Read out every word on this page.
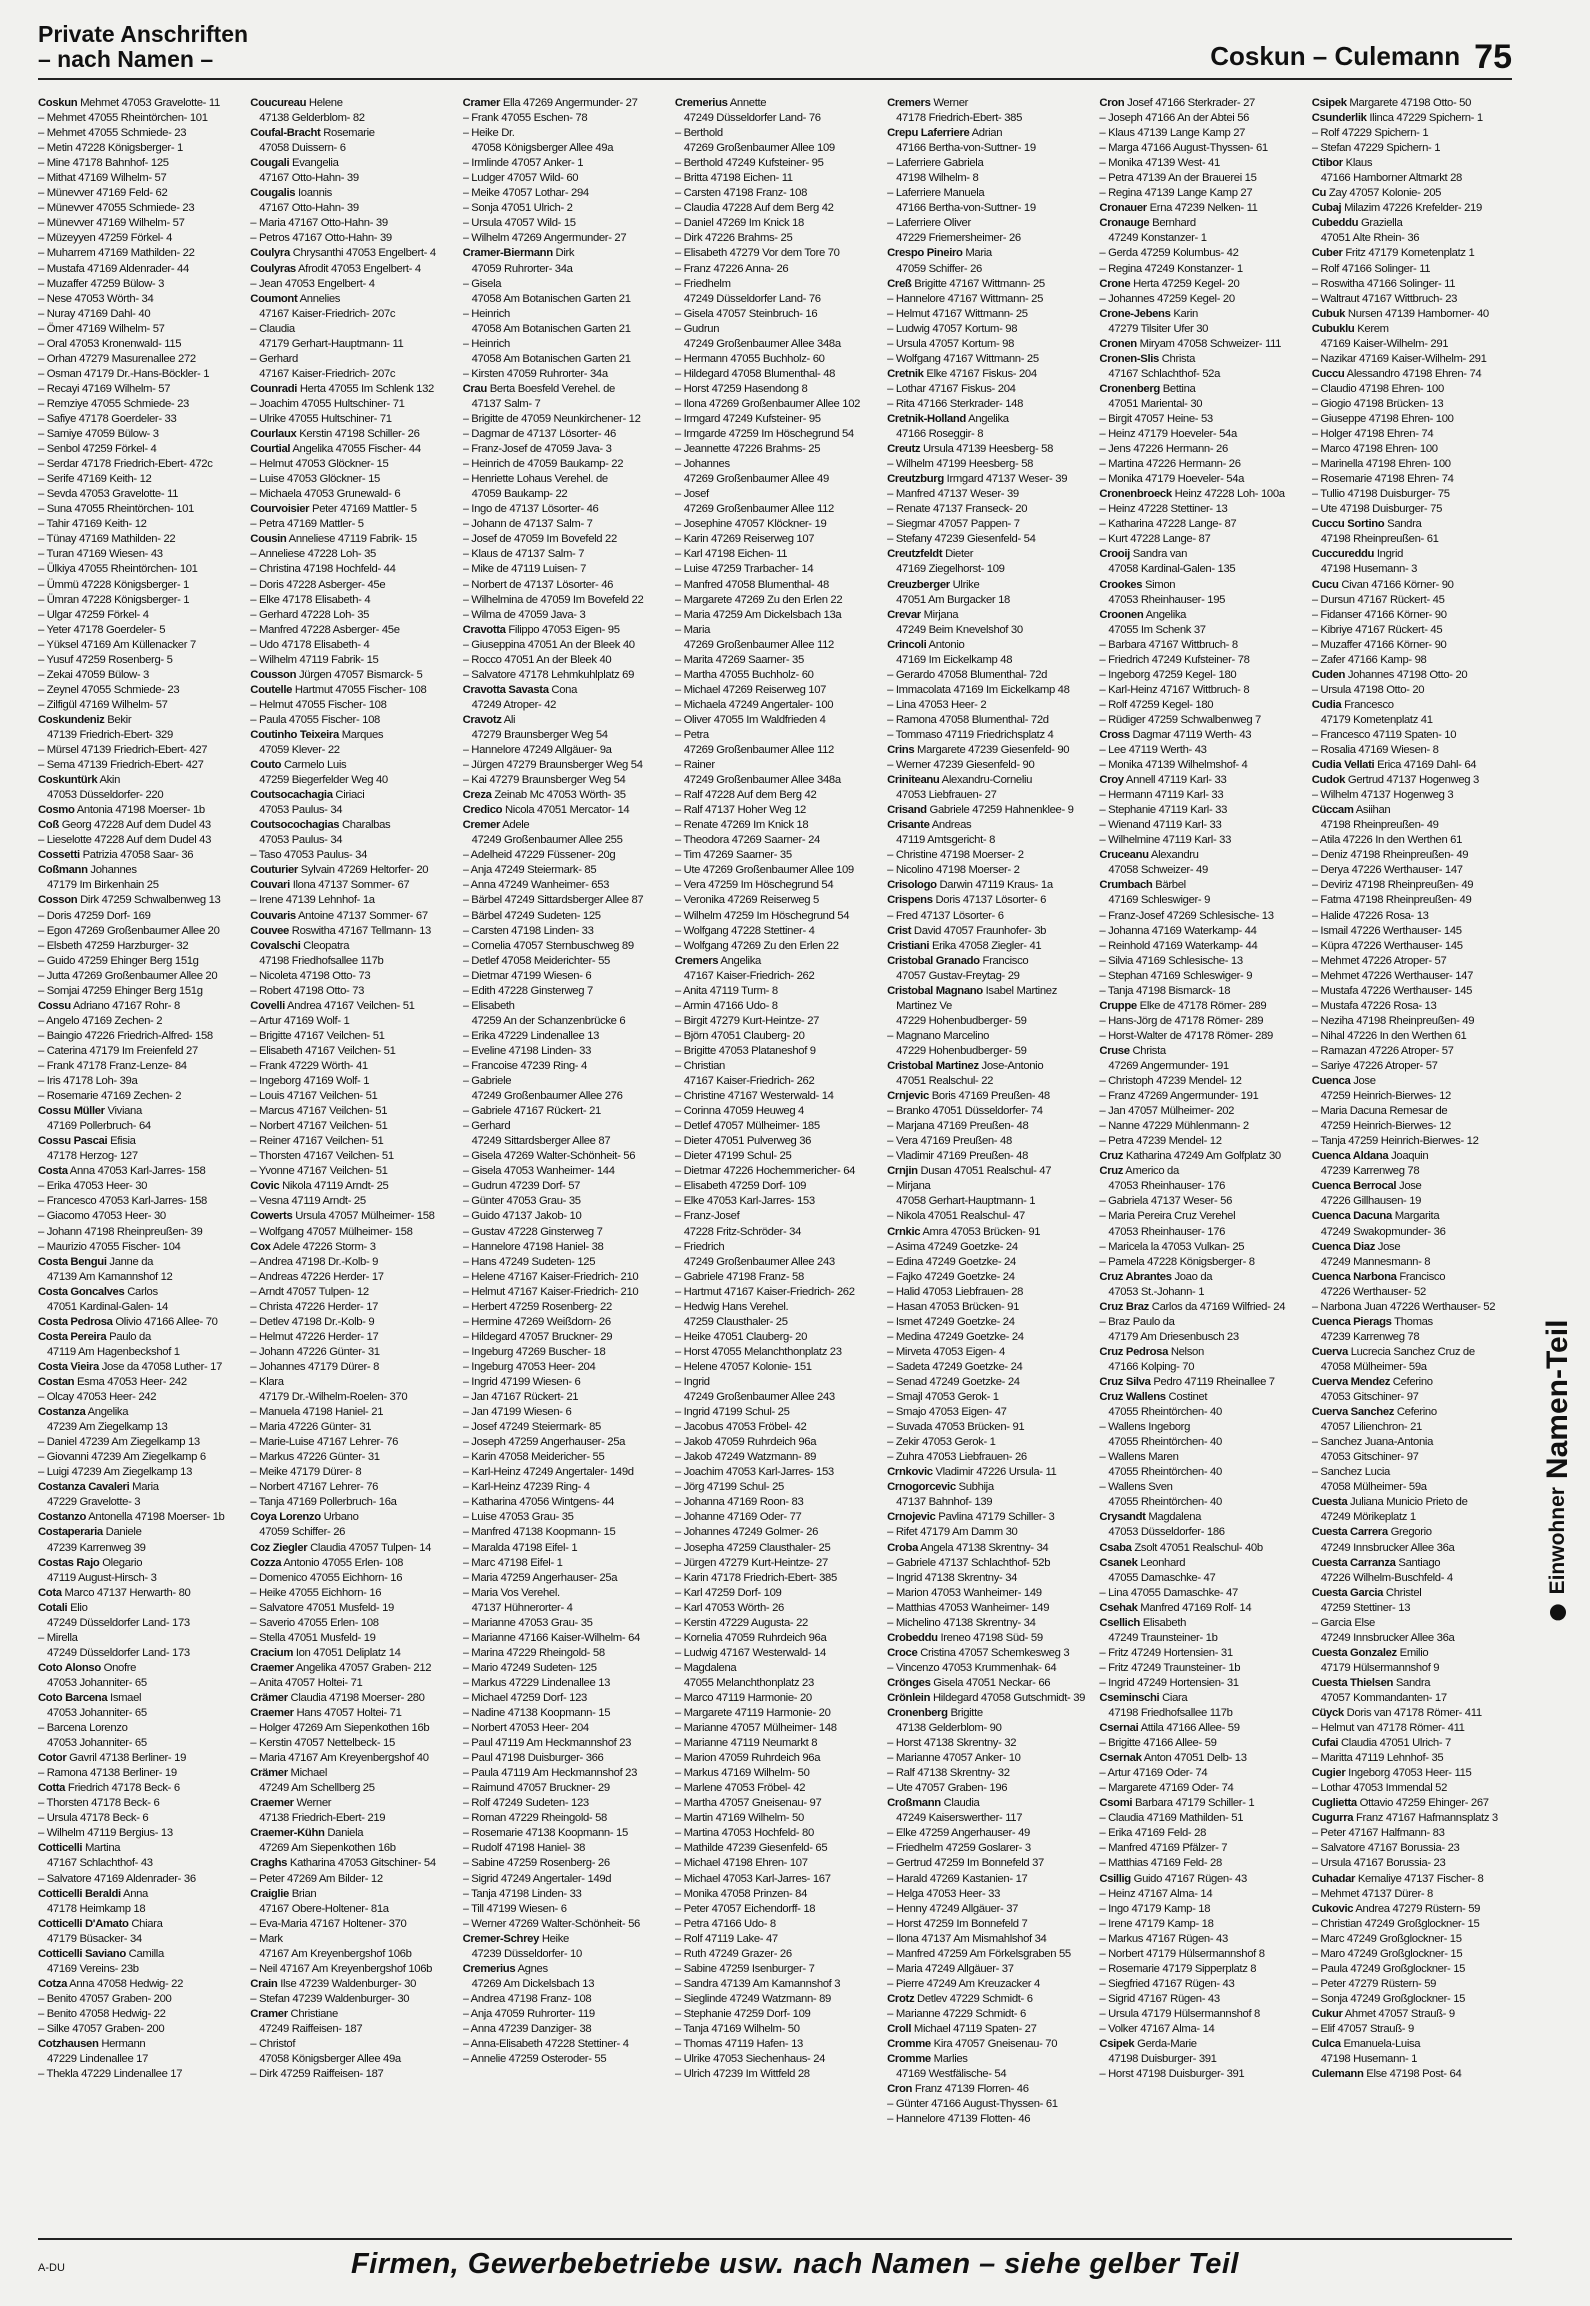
Private Anschriften
– nach Namen –	Coskun – Culemann 75
Coskun Mehmet 47053 Gravelotte- 11
– Mehmet 47055 Rheintörchen- 101
– Mehmet 47055 Schmiede- 23
– Metin 47228 Königsberger- 1
– Mine 47178 Bahnhof- 125
– Mithat 47169 Wilhelm- 57
– Münevver 47169 Feld- 62
– Münevver 47055 Schmiede- 23
– Münevver 47169 Wilhelm- 57
– Müzeyyen 47259 Förkel- 4
– Muharrem 47169 Mathilden- 22
– Mustafa 47169 Aldenrader- 44
– Muzaffer 47259 Bülow- 3
– Nese 47053 Wörth- 34
– Nuray 47169 Dahl- 40
– Ömer 47169 Wilhelm- 57
– Oral 47053 Kronenwald- 115
– Orhan 47279 Masurenallee 272
– Osman 47179 Dr.-Hans-Böckler- 1
– Recayi 47169 Wilhelm- 57
– Remziye 47055 Schmiede- 23
– Safiye 47178 Goerdeler- 33
– Samiye 47059 Bülow- 3
– Senbol 47259 Förkel- 4
– Serdar 47178 Friedrich-Ebert- 472c
– Serife 47169 Keith- 12
– Sevda 47053 Gravelotte- 11
– Suna 47055 Rheintörchen- 101
– Tahir 47169 Keith- 12
– Tünay 47169 Mathilden- 22
– Turan 47169 Wiesen- 43
– Ülkiya 47055 Rheintörchen- 101
– Ümmü 47228 Königsberger- 1
– Ümran 47228 Königsberger- 1
– Ulgar 47259 Förkel- 4
– Yeter 47178 Goerdeler- 5
– Yüksel 47169 Am Küllenacker 7
– Yusuf 47259 Rosenberg- 5
– Zekai 47059 Bülow- 3
– Zeynel 47055 Schmiede- 23
– Zilfigül 47169 Wilhelm- 57
Coskundeniz Bekir
47139 Friedrich-Ebert- 329
– Mürsel 47139 Friedrich-Ebert- 427
– Sema 47139 Friedrich-Ebert- 427
Coskuntürk Akin
47053 Düsseldorfer- 220
Cosmo Antonia 47198 Moerser- 1b
Coß Georg 47228 Auf dem Dudel 43
– Lieselotte 47228 Auf dem Dudel 43
Cossetti Patrizia 47058 Saar- 36
Coßmann Johannes
47179 Im Birkenhain 25
Cosson Dirk 47259 Schwalbenweg 13
– Doris 47259 Dorf- 169
– Egon 47269 Großenbaumer Allee 20
– Elsbeth 47259 Harzburger- 32
– Guido 47259 Ehinger Berg 151g
– Jutta 47269 Großenbaumer Allee 20
– Somjai 47259 Ehinger Berg 151g
Cossu Adriano 47167 Rohr- 8
– Angelo 47169 Zechen- 2
– Baingio 47226 Friedrich-Alfred- 158
– Caterina 47179 Im Freienfeld 27
– Frank 47178 Franz-Lenze- 84
– Iris 47178 Loh- 39a
– Rosemarie 47169 Zechen- 2
Cossu Müller Viviana
47169 Pollerbruch- 64
Cossu Pascai Efisia
47178 Herzog- 127
Costa Anna 47053 Karl-Jarres- 158
– Erika 47053 Heer- 30
– Francesco 47053 Karl-Jarres- 158
– Giacomo 47053 Heer- 30
– Johann 47198 Rheinpreußen- 39
– Maurizio 47055 Fischer- 104
Costa Bengui Janne da
47139 Am Kamannshof 12
Costa Goncalves Carlos
47051 Kardinal-Galen- 14
Costa Pedrosa Olivio 47166 Allee- 70
Costa Pereira Paulo da
47119 Am Hagenbeckshof 1
Costa Vieira Jose da 47058 Luther- 17
Costan Esma 47053 Heer- 242
– Olcay 47053 Heer- 242
Costanza Angelika
47239 Am Ziegelkamp 13
– Daniel 47239 Am Ziegelkamp 13
– Giovanni 47239 Am Ziegelkamp 6
– Luigi 47239 Am Ziegelkamp 13
Costanza Cavaleri Maria
47229 Gravelotte- 3
Costanzo Antonella 47198 Moerser- 1b
Costaperaria Daniele
47239 Karrenweg 39
Costas Rajo Olegario
47119 August-Hirsch- 3
Cota Marco 47137 Herwarth- 80
Cotali Elio
47249 Düsseldorfer Land- 173
– Mirella
47249 Düsseldorfer Land- 173
Coto Alonso Onofre
47053 Johanniter- 65
Coto Barcena Ismael
47053 Johanniter- 65
– Barcena Lorenzo
47053 Johanniter- 65
Cotor Gavril 47138 Berliner- 19
– Ramona 47138 Berliner- 19
Cotta Friedrich 47178 Beck- 6
– Thorsten 47178 Beck- 6
– Ursula 47178 Beck- 6
– Wilhelm 47119 Bergius- 13
Cotticelli Martina
47167 Schlachthof- 43
– Salvatore 47169 Aldenrader- 36
Cotticelli Beraldi Anna
47178 Heimkamp 18
Cotticelli D'Amato Chiara
47179 Büsacker- 34
Cotticelli Saviano Camilla
47169 Vereins- 23b
Cotza Anna 47058 Hedwig- 22
– Benito 47057 Graben- 200
– Benito 47058 Hedwig- 22
– Silke 47057 Graben- 200
Cotzhausen Hermann
47229 Lindenallee 17
– Thekla 47229 Lindenallee 17
Coucureau Helene
47138 Gelderblom- 82
Coufal-Bracht Rosemarie
47058 Duissern- 6
Cougali Evangelia
47167 Otto-Hahn- 39
Cougalis Ioannis
47167 Otto-Hahn- 39
– Maria 47167 Otto-Hahn- 39
– Petros 47167 Otto-Hahn- 39
Coulyra Chrysanthi 47053 Engelbert- 4
Coulyras Afrodit 47053 Engelbert- 4
– Jean 47053 Engelbert- 4
Coumont Annelies
47167 Kaiser-Friedrich- 207c
– Claudia
47179 Gerhart-Hauptmann- 11
– Gerhard
47167 Kaiser-Friedrich- 207c
Counradi Herta 47055 Im Schlenk 132
– Joachim 47055 Hultschiner- 71
– Ulrike 47055 Hultschiner- 71
Courlaux Kerstin 47198 Schiller- 26
Courtial Angelika 47055 Fischer- 44
– Helmut 47053 Glöckner- 15
– Luise 47053 Glöckner- 15
– Michaela 47053 Grunewald- 6
Courvoisier Peter 47169 Mattler- 5
– Petra 47169 Mattler- 5
Cousin Anneliese 47119 Fabrik- 15
– Anneliese 47228 Loh- 35
– Christina 47198 Hochfeld- 44
– Doris 47228 Asberger- 45e
– Elke 47178 Elisabeth- 4
– Gerhard 47228 Loh- 35
– Manfred 47228 Asberger- 45e
– Udo 47178 Elisabeth- 4
– Wilhelm 47119 Fabrik- 15
Cousson Jürgen 47057 Bismarck- 5
Coutelle Hartmut 47055 Fischer- 108
– Helmut 47055 Fischer- 108
– Paula 47055 Fischer- 108
Coutinho Teixeira Marques
47059 Klever- 22
Couto Carmelo Luis
47259 Biegerfelder Weg 40
Coutsocachagia Ciriaci
47053 Paulus- 34
Coutsocochagias Charalbas
47053 Paulus- 34
– Taso 47053 Paulus- 34
Couturier Sylvain 47269 Heltorfer- 20
Couvari Ilona 47137 Sommer- 67
– Irene 47139 Lehnhof- 1a
Couvaris Antoine 47137 Sommer- 67
Couvee Roswitha 47167 Tellmann- 13
Covalschi Cleopatra
47198 Friedhofsallee 117b
– Nicoleta 47198 Otto- 73
– Robert 47198 Otto- 73
Covelli Andrea 47167 Veilchen- 51
– Artur 47169 Wolf- 1
– Brigitte 47167 Veilchen- 51
– Elisabeth 47167 Veilchen- 51
– Frank 47229 Wörth- 41
– Ingeborg 47169 Wolf- 1
– Louis 47167 Veilchen- 51
– Marcus 47167 Veilchen- 51
– Norbert 47167 Veilchen- 51
– Reiner 47167 Veilchen- 51
– Thorsten 47167 Veilchen- 51
– Yvonne 47167 Veilchen- 51
Covic Nikola 47119 Arndt- 25
– Vesna 47119 Arndt- 25
Cowerts Ursula 47057 Mülheimer- 158
– Wolfgang 47057 Mülheimer- 158
Cox Adele 47226 Storm- 3
– Andrea 47198 Dr.-Kolb- 9
– Andreas 47226 Herder- 17
– Arndt 47057 Tulpen- 12
– Christa 47226 Herder- 17
– Detlev 47198 Dr.-Kolb- 9
– Helmut 47226 Herder- 17
– Johann 47226 Günter- 31
– Johannes 47179 Dürer- 8
– Klara
47179 Dr.-Wilhelm-Roelen- 370
– Manuela 47198 Haniel- 21
– Maria 47226 Günter- 31
– Marie-Luise 47167 Lehrer- 76
– Markus 47226 Günter- 31
– Meike 47179 Dürer- 8
– Norbert 47167 Lehrer- 76
– Tanja 47169 Pollerbruch- 16a
Coya Lorenzo Urbano
47059 Schiffer- 26
Coz Ziegler Claudia 47057 Tulpen- 14
Cozza Antonio 47055 Erlen- 108
– Domenico 47055 Eichhorn- 16
– Heike 47055 Eichhorn- 16
– Salvatore 47051 Musfeld- 19
– Saverio 47055 Erlen- 108
– Stella 47051 Musfeld- 19
Cracium Ion 47051 Deliplatz 14
Craemer Angelika 47057 Graben- 212
– Anita 47057 Holtei- 71
Crämer Claudia 47198 Moerser- 280
Craemer Hans 47057 Holtei- 71
– Holger 47269 Am Siepenkothen 16b
– Kerstin 47057 Nettelbeck- 15
– Maria 47167 Am Kreyenbergshof 40
Crämer Michael
47249 Am Schellberg 25
Craemer Werner
47138 Friedrich-Ebert- 219
Craemer-Kühn Daniela
47269 Am Siepenkothen 16b
Craghs Katharina 47053 Gitschiner- 54
– Peter 47269 Am Bilder- 12
Craiglie Brian
47167 Obere-Holtener- 81a
– Eva-Maria 47167 Holtener- 370
– Mark
47167 Am Kreyenbergshof 106b
– Neil 47167 Am Kreyenbergshof 106b
Crain Ilse 47239 Waldenburger- 30
– Stefan 47239 Waldenburger- 30
Cramer Christiane
47249 Raiffeisen- 187
– Christof
47058 Königsberger Allee 49a
– Dirk 47259 Raiffeisen- 187
Cramer Ella 47269 Angermunder- 27
– Frank 47055 Eschen- 78
– Heike Dr.
47058 Königsberger Allee 49a
– Irmlinde 47057 Anker- 1
– Ludger 47057 Wild- 60
– Meike 47057 Lothar- 294
– Sonja 47051 Ulrich- 2
– Ursula 47057 Wild- 15
– Wilhelm 47269 Angermunder- 27
Cramer-Biermann Dirk
47059 Ruhrorter- 34a
– Gisela
47058 Am Botanischen Garten 21
– Heinrich
47058 Am Botanischen Garten 21
– Heinrich
47058 Am Botanischen Garten 21
– Kirsten 47059 Ruhrorter- 34a
Crau Berta Boesfeld Verehel. de
47137 Salm- 7
– Brigitte de 47059 Neunkirchener- 12
– Dagmar de 47137 Lösorter- 46
– Franz-Josef de 47059 Java- 3
– Heinrich de 47059 Baukamp- 22
– Henriette Lohaus Verehel. de
47059 Baukamp- 22
– Ingo de 47137 Lösorter- 46
– Johann de 47137 Salm- 7
– Josef de 47059 Im Bovefeld 22
– Klaus de 47137 Salm- 7
– Mike de 47119 Luisen- 7
– Norbert de 47137 Lösorter- 46
– Wilhelmina de 47059 Im Bovefeld 22
– Wilma de 47059 Java- 3
Cravotta Filippo 47053 Eigen- 95
– Giuseppina 47051 An der Bleek 40
– Rocco 47051 An der Bleek 40
– Salvatore 47178 Lehmkuhlplatz 69
Cravotta Savasta Cona
47249 Atroper- 42
Cravotz Ali
47279 Braunsberger Weg 54
– Hannelore 47249 Allgäuer- 9a
– Jürgen 47279 Braunsberger Weg 54
– Kai 47279 Braunsberger Weg 54
Creza Zeinab Mc 47053 Wörth- 35
Credico Nicola 47051 Mercator- 14
Cremer Adele
47249 Großenbaumer Allee 255
– Adelheid 47229 Füssener- 20g
– Anja 47249 Steiermark- 85
– Anna 47249 Wanheimer- 653
– Bärbel 47249 Sittardsberger Allee 87
– Bärbel 47249 Sudeten- 125
– Carsten 47198 Linden- 33
– Cornelia 47057 Sternbuschweg 89
– Detlef 47058 Meiderichter- 55
– Dietmar 47199 Wiesen- 6
– Edith 47228 Ginsterweg 7
– Elisabeth
47259 An der Schanzenbrücke 6
– Erika 47229 Lindenallee 13
– Eveline 47198 Linden- 33
– Francoise 47239 Ring- 4
– Gabriele
47249 Großenbaumer Allee 276
– Gabriele 47167 Rückert- 21
– Gerhard
47249 Sittardsberger Allee 87
– Gisela 47269 Walter-Schönheit- 56
– Gisela 47053 Wanheimer- 144
– Gudrun 47239 Dorf- 57
– Günter 47053 Grau- 35
– Guido 47137 Jakob- 10
– Gustav 47228 Ginsterweg 7
– Hannelore 47198 Haniel- 38
– Hans 47249 Sudeten- 125
– Helene 47167 Kaiser-Friedrich- 210
– Helmut 47167 Kaiser-Friedrich- 210
– Herbert 47259 Rosenberg- 22
– Hermine 47269 Weißdorn- 26
– Hildegard 47057 Bruckner- 29
– Ingeburg 47269 Buscher- 18
– Ingeburg 47053 Heer- 204
– Ingrid 47199 Wiesen- 6
– Jan 47167 Rückert- 21
– Jan 47199 Wiesen- 6
– Josef 47249 Steiermark- 85
– Joseph 47259 Angerhauser- 25a
– Karin 47058 Meidericher- 55
– Karl-Heinz 47249 Angertaler- 149d
– Karl-Heinz 47239 Ring- 4
– Katharina 47056 Wintgens- 44
– Luise 47053 Grau- 35
– Manfred 47138 Koopmann- 15
– Maralda 47198 Eifel- 1
– Marc 47198 Eifel- 1
– Maria 47259 Angerhauser- 25a
– Maria Vos Verehel.
47137 Hühnerorter- 4
– Marianne 47053 Grau- 35
– Marianne 47166 Kaiser-Wilhelm- 64
– Marina 47229 Rheingold- 58
– Mario 47249 Sudeten- 125
– Markus 47229 Lindenallee 13
– Michael 47259 Dorf- 123
– Nadine 47138 Koopmann- 15
– Norbert 47053 Heer- 204
– Paul 47119 Am Heckmannshof 23
– Paul 47198 Duisburger- 366
– Paula 47119 Am Heckmannshof 23
– Raimund 47057 Bruckner- 29
– Rolf 47249 Sudeten- 123
– Roman 47229 Rheingold- 58
– Rosemarie 47138 Koopmann- 15
– Rudolf 47198 Haniel- 38
– Sabine 47259 Rosenberg- 26
– Sigrid 47249 Angertaler- 149d
– Tanja 47198 Linden- 33
– Till 47199 Wiesen- 6
– Werner 47269 Walter-Schönheit- 56
Cremer-Schrey Heike
47239 Düsseldorfer- 10
Cremerius Agnes
47269 Am Dickelsbach 13
– Andrea 47198 Franz- 108
– Anja 47059 Ruhrorter- 119
– Anna 47239 Danziger- 38
– Anna-Elisabeth 47228 Stettiner- 4
– Annelie 47259 Osteroder- 55
Cremerius Annette
47249 Düsseldorfer Land- 76
– Berthold
47269 Großenbaumer Allee 109
– Berthold 47249 Kufsteiner- 95
– Britta 47198 Eichen- 11
– Carsten 47198 Franz- 108
– Claudia 47228 Auf dem Berg 42
– Daniel 47269 Im Knick 18
– Dirk 47226 Brahms- 25
– Elisabeth 47279 Vor dem Tore 70
– Franz 47226 Anna- 26
– Friedhelm
47249 Düsseldorfer Land- 76
– Gisela 47057 Steinbruch- 16
– Gudrun
47249 Großenbaumer Allee 348a
– Hermann 47055 Buchholz- 60
– Hildegard 47058 Blumenthal- 48
– Horst 47259 Hasendong 8
– Ilona 47269 Großenbaumer Allee 102
– Irmgard 47249 Kufsteiner- 95
– Irmgarde 47259 Im Höschegrund 54
– Jeannette 47226 Brahms- 25
– Johannes
47269 Großenbaumer Allee 49
– Josef
47269 Großenbaumer Allee 112
– Josephine 47057 Klöckner- 19
– Karin 47269 Reiserweg 107
– Karl 47198 Eichen- 11
– Luise 47259 Trarbacher- 14
– Manfred 47058 Blumenthal- 48
– Margarete 47269 Zu den Erlen 22
– Maria 47259 Am Dickelsbach 13a
– Maria
47269 Großenbaumer Allee 112
– Marita 47269 Saarner- 35
– Martha 47055 Buchholz- 60
– Michael 47269 Reiserweg 107
– Michaela 47249 Angertaler- 100
– Oliver 47055 Im Waldfrieden 4
– Petra
47269 Großenbaumer Allee 112
– Rainer
47249 Großenbaumer Allee 348a
– Ralf 47228 Auf dem Berg 42
– Ralf 47137 Hoher Weg 12
– Renate 47269 Im Knick 18
– Theodora 47269 Saarner- 24
– Tim 47269 Saarner- 35
– Ute 47269 Großenbaumer Allee 109
– Vera 47259 Im Höschegrund 54
– Veronika 47269 Reiserweg 5
– Wilhelm 47259 Im Höschegrund 54
– Wolfgang 47228 Stettiner- 4
– Wolfgang 47269 Zu den Erlen 22
Cremers Angelika
47167 Kaiser-Friedrich- 262
– Anita 47119 Turm- 8
– Armin 47166 Udo- 8
– Birgit 47279 Kurt-Heintze- 27
– Björn 47051 Clauberg- 20
– Brigitte 47053 Plataneshof 9
– Christian
47167 Kaiser-Friedrich- 262
– Christine 47167 Westerwald- 14
– Corinna 47059 Heuweg 4
– Detlef 47057 Mülheimer- 185
– Dieter 47051 Pulverweg 36
– Dieter 47199 Schul- 25
– Dietmar 47226 Hochemmericher- 64
– Elisabeth 47259 Dorf- 109
– Elke 47053 Karl-Jarres- 153
– Franz-Josef
47228 Fritz-Schröder- 34
– Friedrich
47249 Großenbaumer Allee 243
– Gabriele 47198 Franz- 58
– Hartmut 47167 Kaiser-Friedrich- 262
– Hedwig Hans Verehel.
47259 Clausthaler- 25
– Heike 47051 Clauberg- 20
– Horst 47055 Melanchthonplatz 23
– Helene 47057 Kolonie- 151
– Ingrid
47249 Großenbaumer Allee 243
– Ingrid 47199 Schul- 25
– Jacobus 47053 Fröbel- 42
– Jakob 47059 Ruhrdeich 96a
– Jakob 47249 Watzmann- 89
– Joachim 47053 Karl-Jarres- 153
– Jörg 47199 Schul- 25
– Johanna 47169 Roon- 83
– Johanne 47169 Oder- 77
– Johannes 47249 Golmer- 26
– Josepha 47259 Clausthaler- 25
– Jürgen 47279 Kurt-Heintze- 27
– Karin 47178 Friedrich-Ebert- 385
– Karl 47259 Dorf- 109
– Karl 47053 Wörth- 26
– Kerstin 47229 Augusta- 22
– Kornelia 47059 Ruhrdeich 96a
– Ludwig 47167 Westerwald- 14
– Magdalena
47055 Melanchthonplatz 23
– Marco 47119 Harmonie- 20
– Margarete 47119 Harmonie- 20
– Marianne 47057 Mülheimer- 148
– Marianne 47119 Neumarkt 8
– Marion 47059 Ruhrdeich 96a
– Markus 47169 Wilhelm- 50
– Marlene 47053 Fröbel- 42
– Martha 47057 Gneisenau- 97
– Martin 47169 Wilhelm- 50
– Martina 47053 Hochfeld- 80
– Mathilde 47239 Giesenfeld- 65
– Michael 47198 Ehren- 107
– Michael 47053 Karl-Jarres- 167
– Monika 47058 Prinzen- 84
– Peter 47057 Eichendorff- 18
– Petra 47166 Udo- 8
– Rolf 47119 Lake- 47
– Ruth 47249 Grazer- 26
– Sabine 47259 Isenburger- 7
– Sandra 47139 Am Kamannshof 3
– Sieglinde 47249 Watzmann- 89
– Stephanie 47259 Dorf- 109
– Tanja 47169 Wilhelm- 50
– Thomas 47119 Hafen- 13
– Ulrike 47053 Siechenhaus- 24
– Ulrich 47239 Im Wittfeld 28
Cremers Werner
47178 Friedrich-Ebert- 385
Crepu Laferriere Adrian
47166 Bertha-von-Suttner- 19
– Laferriere Gabriela
47198 Wilhelm- 8
– Laferriere Manuela
47166 Bertha-von-Suttner- 19
– Laferriere Oliver
47229 Friemersheimer- 26
Crespo Pineiro Maria
47059 Schiffer- 26
Creß Brigitte 47167 Wittmann- 25
– Hannelore 47167 Wittmann- 25
– Helmut 47167 Wittmann- 25
– Ludwig 47057 Kortum- 98
– Ursula 47057 Kortum- 98
– Wolfgang 47167 Wittmann- 25
Cretnik Elke 47167 Fiskus- 204
– Lothar 47167 Fiskus- 204
– Rita 47166 Sterkrader- 148
Cretnik-Holland Angelika
47166 Roseggir- 8
Creutz Ursula 47139 Heesberg- 58
– Wilhelm 47199 Heesberg- 58
Creutzburg Irmgard 47137 Weser- 39
– Manfred 47137 Weser- 39
– Renate 47137 Franseck- 20
– Siegmar 47057 Pappen- 7
– Stefany 47239 Giesenfeld- 54
Creutzfeldt Dieter
47169 Ziegelhorst- 109
Creuzberger Ulrike
47051 Am Burgacker 18
Crevar Mirjana
47249 Beim Knevelshof 30
Crincoli Antonio
47169 Im Eickelkamp 48
– Gerardo 47058 Blumenthal- 72d
– Immacolata 47169 Im Eickelkamp 48
– Lina 47053 Heer- 2
– Ramona 47058 Blumenthal- 72d
– Tommaso 47119 Friedrichsplatz 4
Crins Margarete 47239 Giesenfeld- 90
– Werner 47239 Giesenfeld- 90
Criniteanu Alexandru-Corneliu
47053 Liebfrauen- 27
Crisand Gabriele 47259 Hahnenklee- 9
Crisante Andreas
47119 Amtsgericht- 8
– Christine 47198 Moerser- 2
– Nicolino 47198 Moerser- 2
Crisologo Darwin 47119 Kraus- 1a
Crispens Doris 47137 Lösorter- 6
– Fred 47137 Lösorter- 6
Crist David 47057 Fraunhofer- 3b
Cristiani Erika 47058 Ziegler- 41
Cristobal Granado Francisco
47057 Gustav-Freytag- 29
Cristobal Magnano Isabel Martinez
Martinez Ve
47229 Hohenbudberger- 59
– Magnano Marcelino
47229 Hohenbudberger- 59
Cristobal Martinez Jose-Antonio
47051 Realschul- 22
Crnjevic Boris 47169 Preußen- 48
– Branko 47051 Düsseldorfer- 74
– Marjana 47169 Preußen- 48
– Vera 47169 Preußen- 48
– Vladimir 47169 Preußen- 48
Crnjin Dusan 47051 Realschul- 47
– Mirjana
47058 Gerhart-Hauptmann- 1
– Nikola 47051 Realschul- 47
Crnkic Amra 47053 Brücken- 91
– Asima 47249 Goetzke- 24
– Edina 47249 Goetzke- 24
– Fajko 47249 Goetzke- 24
– Halid 47053 Liebfrauen- 28
– Hasan 47053 Brücken- 91
– Ismet 47249 Goetzke- 24
– Medina 47249 Goetzke- 24
– Mirveta 47053 Eigen- 4
– Sadeta 47249 Goetzke- 24
– Senad 47249 Goetzke- 24
– Smajl 47053 Gerok- 1
– Smajo 47053 Eigen- 47
– Suvada 47053 Brücken- 91
– Zekir 47053 Gerok- 1
– Zuhra 47053 Liebfrauen- 26
Crnkovic Vladimir 47226 Ursula- 11
Crnogorcevic Subhija
47137 Bahnhof- 139
Crnojevic Pavlina 47179 Schiller- 3
– Rifet 47179 Am Damm 30
Croba Angela 47138 Skrentny- 34
– Gabriele 47137 Schlachthof- 52b
– Ingrid 47138 Skrentny- 34
– Marion 47053 Wanheimer- 149
– Matthias 47053 Wanheimer- 149
– Michelino 47138 Skrentny- 34
Crobeddu Ireneo 47198 Süd- 59
Croce Cristina 47057 Schemkesweg 3
– Vincenzo 47053 Krummenhak- 64
Crönges Gisela 47051 Neckar- 66
Crönlein Hildegard 47058 Gutschmidt- 39
Cronenberg Brigitte
47138 Gelderblom- 90
– Horst 47138 Skrentny- 32
– Marianne 47057 Anker- 10
– Ralf 47138 Skrentny- 32
– Ute 47057 Graben- 196
Croßmann Claudia
47249 Kaiserswerther- 117
– Elke 47259 Angerhauser- 49
– Friedhelm 47259 Goslarer- 3
– Gertrud 47259 Im Bonnefeld 37
– Harald 47269 Kastanien- 17
– Helga 47053 Heer- 33
– Henny 47249 Allgäuer- 37
– Horst 47259 Im Bonnefeld 7
– Ilona 47137 Am Mismahlshof 34
– Manfred 47259 Am Förkelsgraben 55
– Maria 47249 Allgäuer- 37
– Pierre 47249 Am Kreuzacker 4
Crotz Detlev 47229 Schmidt- 6
– Marianne 47229 Schmidt- 6
Croll Michael 47119 Spaten- 27
Cromme Kira 47057 Gneisenau- 70
Cromme Marlies
47169 Westfälische- 54
Cron Franz 47139 Florren- 46
– Günter 47166 August-Thyssen- 61
– Hannelore 47139 Flotten- 46
Cron Josef 47166 Sterkrader- 27
– Joseph 47166 An der Abtei 56
– Klaus 47139 Lange Kamp 27
– Marga 47166 August-Thyssen- 61
– Monika 47139 West- 41
– Petra 47139 An der Brauerei 15
– Regina 47139 Lange Kamp 27
Cronauer Erna 47239 Nelken- 11
Cronauge Bernhard
47249 Konstanzer- 1
– Gerda 47259 Kolumbus- 42
– Regina 47249 Konstanzer- 1
Crone Herta 47259 Kegel- 20
– Johannes 47259 Kegel- 20
Crone-Jebens Karin
47279 Tilsiter Ufer 30
Cronen Miryam 47058 Schweizer- 111
Cronen-Slis Christa
47167 Schlachthof- 52a
Cronenberg Bettina
47051 Mariental- 30
– Birgit 47057 Heine- 53
– Heinz 47179 Hoeveler- 54a
– Jens 47226 Hermann- 26
– Martina 47226 Hermann- 26
– Monika 47179 Hoeveler- 54a
Cronenbroeck Heinz 47228 Loh- 100a
– Heinz 47228 Stettiner- 13
– Katharina 47228 Lange- 87
– Kurt 47228 Lange- 87
Crooij Sandra van
47058 Kardinal-Galen- 135
Crookes Simon
47053 Rheinhauser- 195
Croonen Angelika
47055 Im Schenk 37
– Barbara 47167 Wittbruch- 8
– Friedrich 47249 Kufsteiner- 78
– Ingeborg 47259 Kegel- 180
– Karl-Heinz 47167 Wittbruch- 8
– Rolf 47259 Kegel- 180
– Rüdiger 47259 Schwalbenweg 7
Cross Dagmar 47119 Werth- 43
– Lee 47119 Werth- 43
– Monika 47139 Wilhelmshof- 4
Croy Annell 47119 Karl- 33
– Hermann 47119 Karl- 33
– Stephanie 47119 Karl- 33
– Wienand 47119 Karl- 33
– Wilhelmine 47119 Karl- 33
Cruceanu Alexandru
47058 Schweizer- 49
Crumbach Bärbel
47169 Schleswiger- 9
– Franz-Josef 47269 Schlesische- 13
– Johanna 47169 Waterkamp- 44
– Reinhold 47169 Waterkamp- 44
– Silvia 47169 Schlesische- 13
– Stephan 47169 Schleswiger- 9
– Tanja 47198 Bismarck- 18
Cruppe Elke de 47178 Römer- 289
– Hans-Jörg de 47178 Römer- 289
– Horst-Walter de 47178 Römer- 289
Cruse Christa
47269 Angermunder- 191
– Christoph 47239 Mendel- 12
– Franz 47269 Angermunder- 191
– Jan 47057 Mülheimer- 202
– Nanne 47229 Mühlenmann- 2
– Petra 47239 Mendel- 12
Cruz Katharina 47249 Am Golfplatz 30
Cruz Americo da
47053 Rheinhauser- 176
– Gabriela 47137 Weser- 56
– Maria Pereira Cruz Verehel
47053 Rheinhauser- 176
– Maricela la 47053 Vulkan- 25
– Pamela 47228 Königsberger- 8
Cruz Abrantes Joao da
47053 St.-Johann- 1
Cruz Braz Carlos da 47169 Wilfried- 24
– Braz Paulo da
47179 Am Driesenbusch 23
Cruz Pedrosa Nelson
47166 Kolping- 70
Cruz Silva Pedro 47119 Rheinallee 7
Cruz Wallens Costinet
47055 Rheintörchen- 40
– Wallens Ingeborg
47055 Rheintörchen- 40
– Wallens Maren
47055 Rheintörchen- 40
– Wallens Sven
47055 Rheintörchen- 40
Crysandt Magdalena
47053 Düsseldorfer- 186
Csaba Zsolt 47051 Realschul- 40b
Csanek Leonhard
47055 Damaschke- 47
– Lina 47055 Damaschke- 47
Csehak Manfred 47169 Rolf- 14
Csellich Elisabeth
47249 Traunsteiner- 1b
– Fritz 47249 Hortensien- 31
– Fritz 47249 Traunsteiner- 1b
– Ingrid 47249 Hortensien- 31
Cseminschi Ciara
47198 Friedhofsallee 117b
Csernai Attila 47166 Allee- 59
– Brigitte 47166 Allee- 59
Csernak Anton 47051 Delb- 13
– Artur 47169 Oder- 74
– Margarete 47169 Oder- 74
Csomi Barbara 47179 Schiller- 1
– Claudia 47169 Mathilden- 51
– Erika 47169 Feld- 28
– Manfred 47169 Pfälzer- 7
– Matthias 47169 Feld- 28
Csillig Guido 47167 Rügen- 43
– Heinz 47167 Alma- 14
– Ingo 47179 Kamp- 18
– Irene 47179 Kamp- 18
– Markus 47167 Rügen- 43
– Norbert 47179 Hülsermannshof 8
– Rosemarie 47179 Sipperplatz 8
– Siegfried 47167 Rügen- 43
– Sigrid 47167 Rügen- 43
– Ursula 47179 Hülsermannshof 8
– Volker 47167 Alma- 14
Csipek Gerda-Marie
47198 Duisburger- 391
– Horst 47198 Duisburger- 391
Csipek Margarete 47198 Otto- 50
Csunderlik Ilinca 47229 Spichern- 1
– Rolf 47229 Spichern- 1
– Stefan 47229 Spichern- 1
Ctibor Klaus
47166 Hamborner Altmarkt 28
Cu Zay 47057 Kolonie- 205
Cubaj Milazim 47226 Krefelder- 219
Cubeddu Graziella
47051 Alte Rhein- 36
Cuber Fritz 47179 Kometenplatz 1
– Rolf 47166 Solinger- 11
– Roswitha 47166 Solinger- 11
– Waltraut 47167 Wittbruch- 23
Cubuk Nursen 47139 Hamborner- 40
Cubuklu Kerem
47169 Kaiser-Wilhelm- 291
– Nazikar 47169 Kaiser-Wilhelm- 291
Cuccu Alessandro 47198 Ehren- 74
– Claudio 47198 Ehren- 100
– Giogio 47198 Brücken- 13
– Giuseppe 47198 Ehren- 100
– Holger 47198 Ehren- 74
– Marco 47198 Ehren- 100
– Marinella 47198 Ehren- 100
– Rosemarie 47198 Ehren- 74
– Tullio 47198 Duisburger- 75
– Ute 47198 Duisburger- 75
Cuccu Sortino Sandra
47198 Rheinpreußen- 61
Cuccureddu Ingrid
47198 Husemann- 3
Cucu Civan 47166 Körner- 90
– Dursun 47167 Rückert- 45
– Fidanser 47166 Körner- 90
– Kibriye 47167 Rückert- 45
– Muzaffer 47166 Körner- 90
– Zafer 47166 Kamp- 98
Cuden Johannes 47198 Otto- 20
– Ursula 47198 Otto- 20
Cudia Francesco
47179 Kometenplatz 41
– Francesco 47119 Spaten- 10
– Rosalia 47169 Wiesen- 8
Cudia Vellati Erica 47169 Dahl- 64
Cudok Gertrud 47137 Hogenweg 3
– Wilhelm 47137 Hogenweg 3
Cüccam Asiihan
47198 Rheinpreußen- 49
– Atila 47226 In den Werthen 61
– Deniz 47198 Rheinpreußen- 49
– Derya 47226 Werthauser- 147
– Deviriz 47198 Rheinpreußen- 49
– Fatma 47198 Rheinpreußen- 49
– Halide 47226 Rosa- 13
– Ismail 47226 Werthauser- 145
– Küpra 47226 Werthauser- 145
– Mehmet 47226 Atroper- 57
– Mehmet 47226 Werthauser- 147
– Mustafa 47226 Werthauser- 145
– Mustafa 47226 Rosa- 13
– Neziha 47198 Rheinpreußen- 49
– Nihal 47226 In den Werthen 61
– Ramazan 47226 Atroper- 57
– Sariye 47226 Atroper- 57
Cuenca Jose
47259 Heinrich-Bierwes- 12
– Maria Dacuna Remesar de
47259 Heinrich-Bierwes- 12
– Tanja 47259 Heinrich-Bierwes- 12
Cuenca Aldana Joaquin
47239 Karrenweg 78
Cuenca Berrocal Jose
47226 Gillhausen- 19
Cuenca Dacuna Margarita
47249 Swakopmunder- 36
Cuenca Diaz Jose
47249 Mannesmann- 8
Cuenca Narbona Francisco
47226 Werthauser- 52
– Narbona Juan 47226 Werthauser- 52
Cuenca Pierags Thomas
47239 Karrenweg 78
Cuerva Lucrecia Sanchez Cruz de
47058 Mülheimer- 59a
Cuerva Mendez Ceferino
47053 Gitschiner- 97
Cuerva Sanchez Ceferino
47057 Lilienchron- 21
– Sanchez Juana-Antonia
47053 Gitschiner- 97
– Sanchez Lucia
47058 Mülheimer- 59a
Cuesta Juliana Municio Prieto de
47249 Mörikeplatz 1
Cuesta Carrera Gregorio
47249 Innsbrucker Allee 36a
Cuesta Carranza Santiago
47226 Wilhelm-Buschfeld- 4
Cuesta Garcia Christel
47259 Stettiner- 13
– Garcia Else
47249 Innsbrucker Allee 36a
Cuesta Gonzalez Emilio
47179 Hülsermannshof 9
Cuesta Thielsen Sandra
47057 Kommandanten- 17
Cüyck Doris van 47178 Römer- 411
– Helmut van 47178 Römer- 411
Cufai Claudia 47051 Ulrich- 7
– Maritta 47119 Lehnhof- 35
Cugier Ingeborg 47053 Heer- 115
– Lothar 47053 Immendal 52
Cuglietta Ottavio 47259 Ehinger- 267
Cugurra Franz 47167 Hafmannsplatz 3
– Peter 47167 Halfmann- 83
– Salvatore 47167 Borussia- 23
– Ursula 47167 Borussia- 23
Cuhadar Kemaliye 47137 Fischer- 8
– Mehmet 47137 Dürer- 8
Cukovic Andrea 47279 Rüstern- 59
– Christian 47249 Großglockner- 15
– Marc 47249 Großglockner- 15
– Maro 47249 Großglockner- 15
– Paula 47249 Großglockner- 15
– Peter 47279 Rüstern- 59
– Sonja 47249 Großglockner- 15
Cukur Ahmet 47057 Strauß- 9
– Elif 47057 Strauß- 9
Culca Emanuela-Luisa
47198 Husemann- 1
Culemann Else 47198 Post- 64
EinwohnerNamen-Teil
A-DU	Firmen, Gewerbebetriebe usw. nach Namen – siehe gelber Teil
